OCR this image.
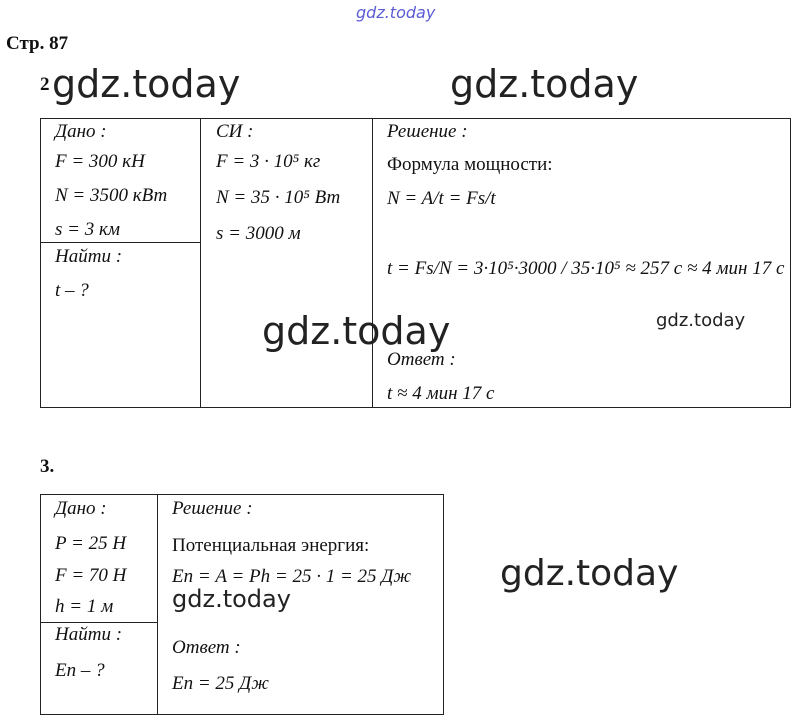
gdz.today
gdz.today	gdz.today
gdz.today	gdz.today
gdz.today
gdz.today
Стр. 87
2
Дано :
F = 300 кН
N = 3500 кВт
s = 3 км
Найти :
t – ?
СИ :
F = 3 · 10⁵ кг
N = 35 · 10⁵ Вт
s = 3000 м
Решение :
Формула мощности:
N = A/t = Fs/t
t = Fs/N = 3·10⁵·3000 / 35·10⁵ ≈ 257 с ≈ 4 мин 17 с
Ответ :
t ≈ 4 мин 17 с
3.
Дано :
P = 25 Н
F = 70 Н
h = 1 м
Найти :
Eп – ?
Решение :
Потенциальная энергия:
Eп = A = Ph = 25 · 1 = 25 Дж
Ответ :
Eп = 25 Дж
